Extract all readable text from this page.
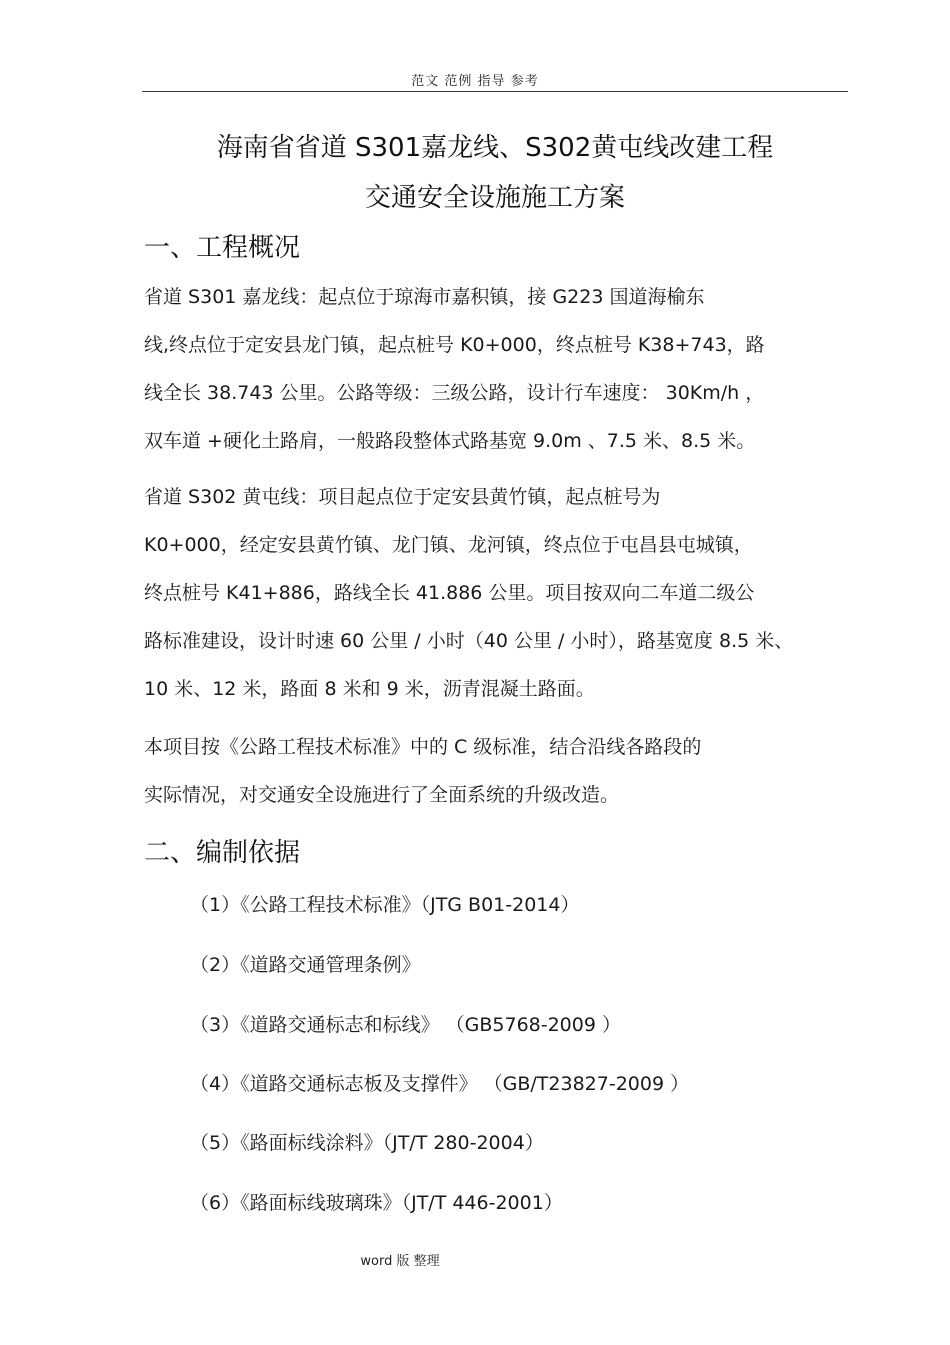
范文 范例 指导 参考
海南省省道 S301嘉龙线、S302黄屯线改建工程
交通安全设施施工方案
一、工程概况
省道 S301 嘉龙线：起点位于琼海市嘉积镇，接 G223 国道海榆东
线,终点位于定安县龙门镇，起点桩号 K0+000，终点桩号 K38+743，路
线全长 38.743 公里。公路等级：三级公路，设计行车速度： 30Km/h ，
双车道 +硬化土路肩，一般路段整体式路基宽 9.0m 、7.5 米、8.5 米。
省道 S302 黄屯线：项目起点位于定安县黄竹镇，起点桩号为
K0+000，经定安县黄竹镇、龙门镇、龙河镇，终点位于屯昌县屯城镇，
终点桩号 K41+886，路线全长 41.886 公里。项目按双向二车道二级公
路标准建设，设计时速 60 公里 / 小时（40 公里 / 小时），路基宽度 8.5 米、
10 米、12 米，路面 8 米和 9 米，沥青混凝土路面。
本项目按《公路工程技术标准》中的 C 级标准，结合沿线各路段的
实际情况，对交通安全设施进行了全面系统的升级改造。
二、编制依据
（1）《公路工程技术标准》（JTG B01-2014）
（2）《道路交通管理条例》
（3）《道路交通标志和标线》 （GB5768-2009 ）
（4）《道路交通标志板及支撑件》 （GB/T23827-2009 ）
（5）《路面标线涂料》（JT/T 280-2004）
（6）《路面标线玻璃珠》（JT/T 446-2001）
word 版 整理
